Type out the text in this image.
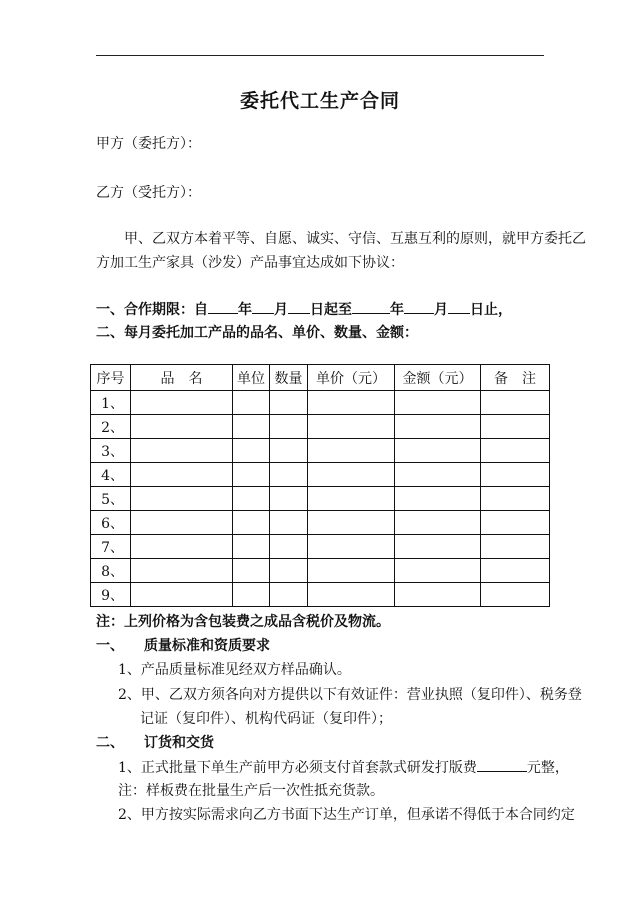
委托代工生产合同
甲方（委托方）：
乙方（受托方）：
甲、乙双方本着平等、自愿、诚实、守信、互惠互利的原则，就甲方委托乙
方加工生产家具（沙发）产品事宜达成如下协议：
一、合作期限：自 年 月 日起至	年 月 日止，
二、每月委托加工产品的品名、单价、数量、金额：
序号	品　名	单位	数量	单价（元）	金额（元）	备　注
1、						
2、						
3、						
4、						
5、						
6、						
7、						
8、						
9、						
注：上列价格为含包装费之成品含税价及物流。
一、 质量标准和资质要求
1、产品质量标准见经双方样品确认。
2、甲、乙双方须各向对方提供以下有效证件：营业执照（复印件）、税务登
记证（复印件）、机构代码证（复印件）；
二、 订货和交货
1、正式批量下单生产前甲方必须支付首套款式研发打版费	元整，
注：样板费在批量生产后一次性抵充货款。
2、甲方按实际需求向乙方书面下达生产订单，但承诺不得低于本合同约定
